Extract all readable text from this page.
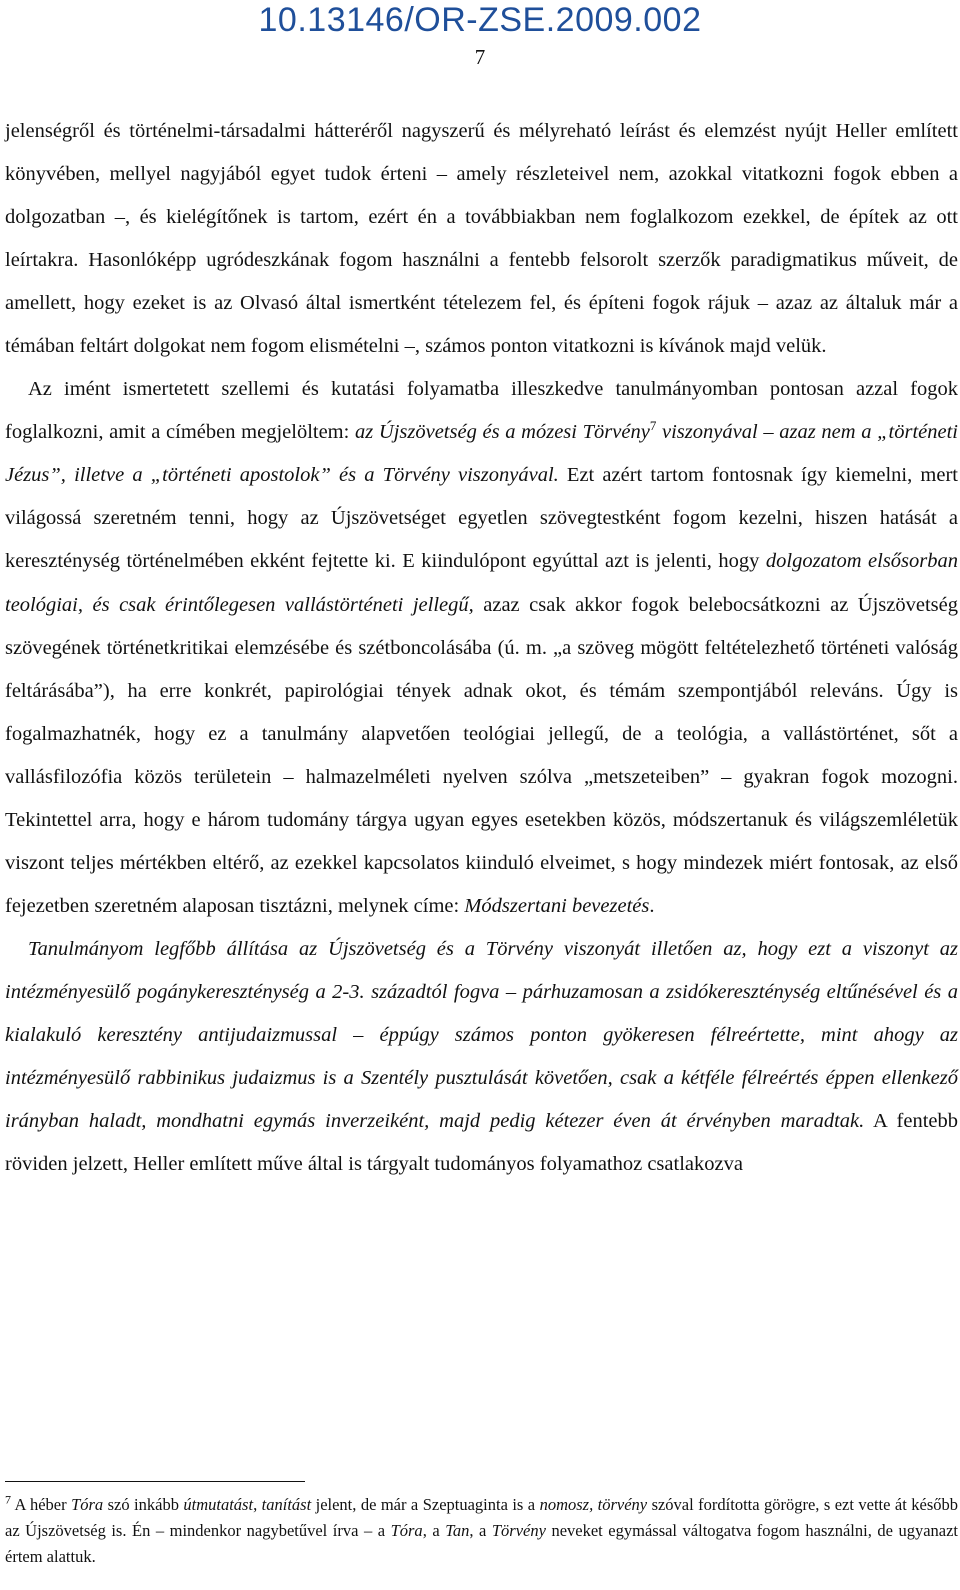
10.13146/OR-ZSE.2009.002
7

jelenségről és történelmi-társadalmi hátteréről nagyszerű és mélyreható leírást és elemzést nyújt Heller említett könyvében, mellyel nagyjából egyet tudok érteni – amely részleteivel nem, azokkal vitatkozni fogok ebben a dolgozatban –, és kielégítőnek is tartom, ezért én a továbbiakban nem foglalkozom ezekkel, de építek az ott leírtakra. Hasonlóképp ugródeszkának fogom használni a fentebb felsorolt szerzők paradigmatikus műveit, de amellett, hogy ezeket is az Olvasó által ismertként tételezem fel, és építeni fogok rájuk – azaz az általuk már a témában feltárt dolgokat nem fogom elismételni –, számos ponton vitatkozni is kívánok majd velük.

Az imént ismertetett szellemi és kutatási folyamatba illeszkedve tanulmányomban pontosan azzal fogok foglalkozni, amit a címében megjelöltem: az Újszövetség és a mózesi Törvény$^7$ viszonyával – azaz nem a „történeti Jézus”, illetve a „történeti apostolok” és a Törvény viszonyával. Ezt azért tartom fontosnak így kiemelni, mert világossá szeretném tenni, hogy az Újszövetséget egyetlen szövegtestként fogom kezelni, hiszen hatását a kereszténység történelmében ekként fejtette ki. E kiindulópont egyúttal azt is jelenti, hogy dolgozatom elsősorban teológiai, és csak érintőlegesen vallástörténeti jellegű, azaz csak akkor fogok belebocsátkozni az Újszövetség szövegének történetkritikai elemzésébe és szétboncolásába (ú. m. „a szöveg mögött feltételezhető történeti valóság feltárásába”), ha erre konkrét, papirológiai tények adnak okot, és témám szempontjából releváns. Úgy is fogalmazhatnék, hogy ez a tanulmány alapvetően teológiai jellegű, de a teológia, a vallástörténet, sőt a vallásfilozófia közös területein – halmazelméleti nyelven szólva „metszeteiben” – gyakran fogok mozogni. Tekintettel arra, hogy e három tudomány tárgya ugyan egyes esetekben közös, módszertanuk és világszemléletük viszont teljes mértékben eltérő, az ezekkel kapcsolatos kiinduló elveimet, s hogy mindezek miért fontosak, az első fejezetben szeretném alaposan tisztázni, melynek címe: Módszertani bevezetés.

Tanulmányom legfőbb állítása az Újszövetség és a Törvény viszonyát illetően az, hogy ezt a viszonyt az intézményesülő pogánykereszténység a 2-3. századtól fogva – párhuzamosan a zsidókereszténység eltűnésével és a kialakuló keresztény antijudaizmussal – éppúgy számos ponton gyökeresen félreértette, mint ahogy az intézményesülő rabbinikus judaizmus is a Szentély pusztulását követően, csak a kétféle félreértés éppen ellenkező irányban haladt, mondhatni egymás inverzeiként, majd pedig kétezer éven át érvényben maradtak. A fentebb röviden jelzett, Heller említett műve által is tárgyalt tudományos folyamathoz csatlakozva

$^7$ A héber Tóra szó inkább útmutatást, tanítást jelent, de már a Szeptuaginta is a nomosz, törvény szóval fordította görögre, s ezt vette át később az Újszövetség is. Én – mindenkor nagybetűvel írva – a Tóra, a Tan, a Törvény neveket egymással váltogatva fogom használni, de ugyanazt értem alattuk.
